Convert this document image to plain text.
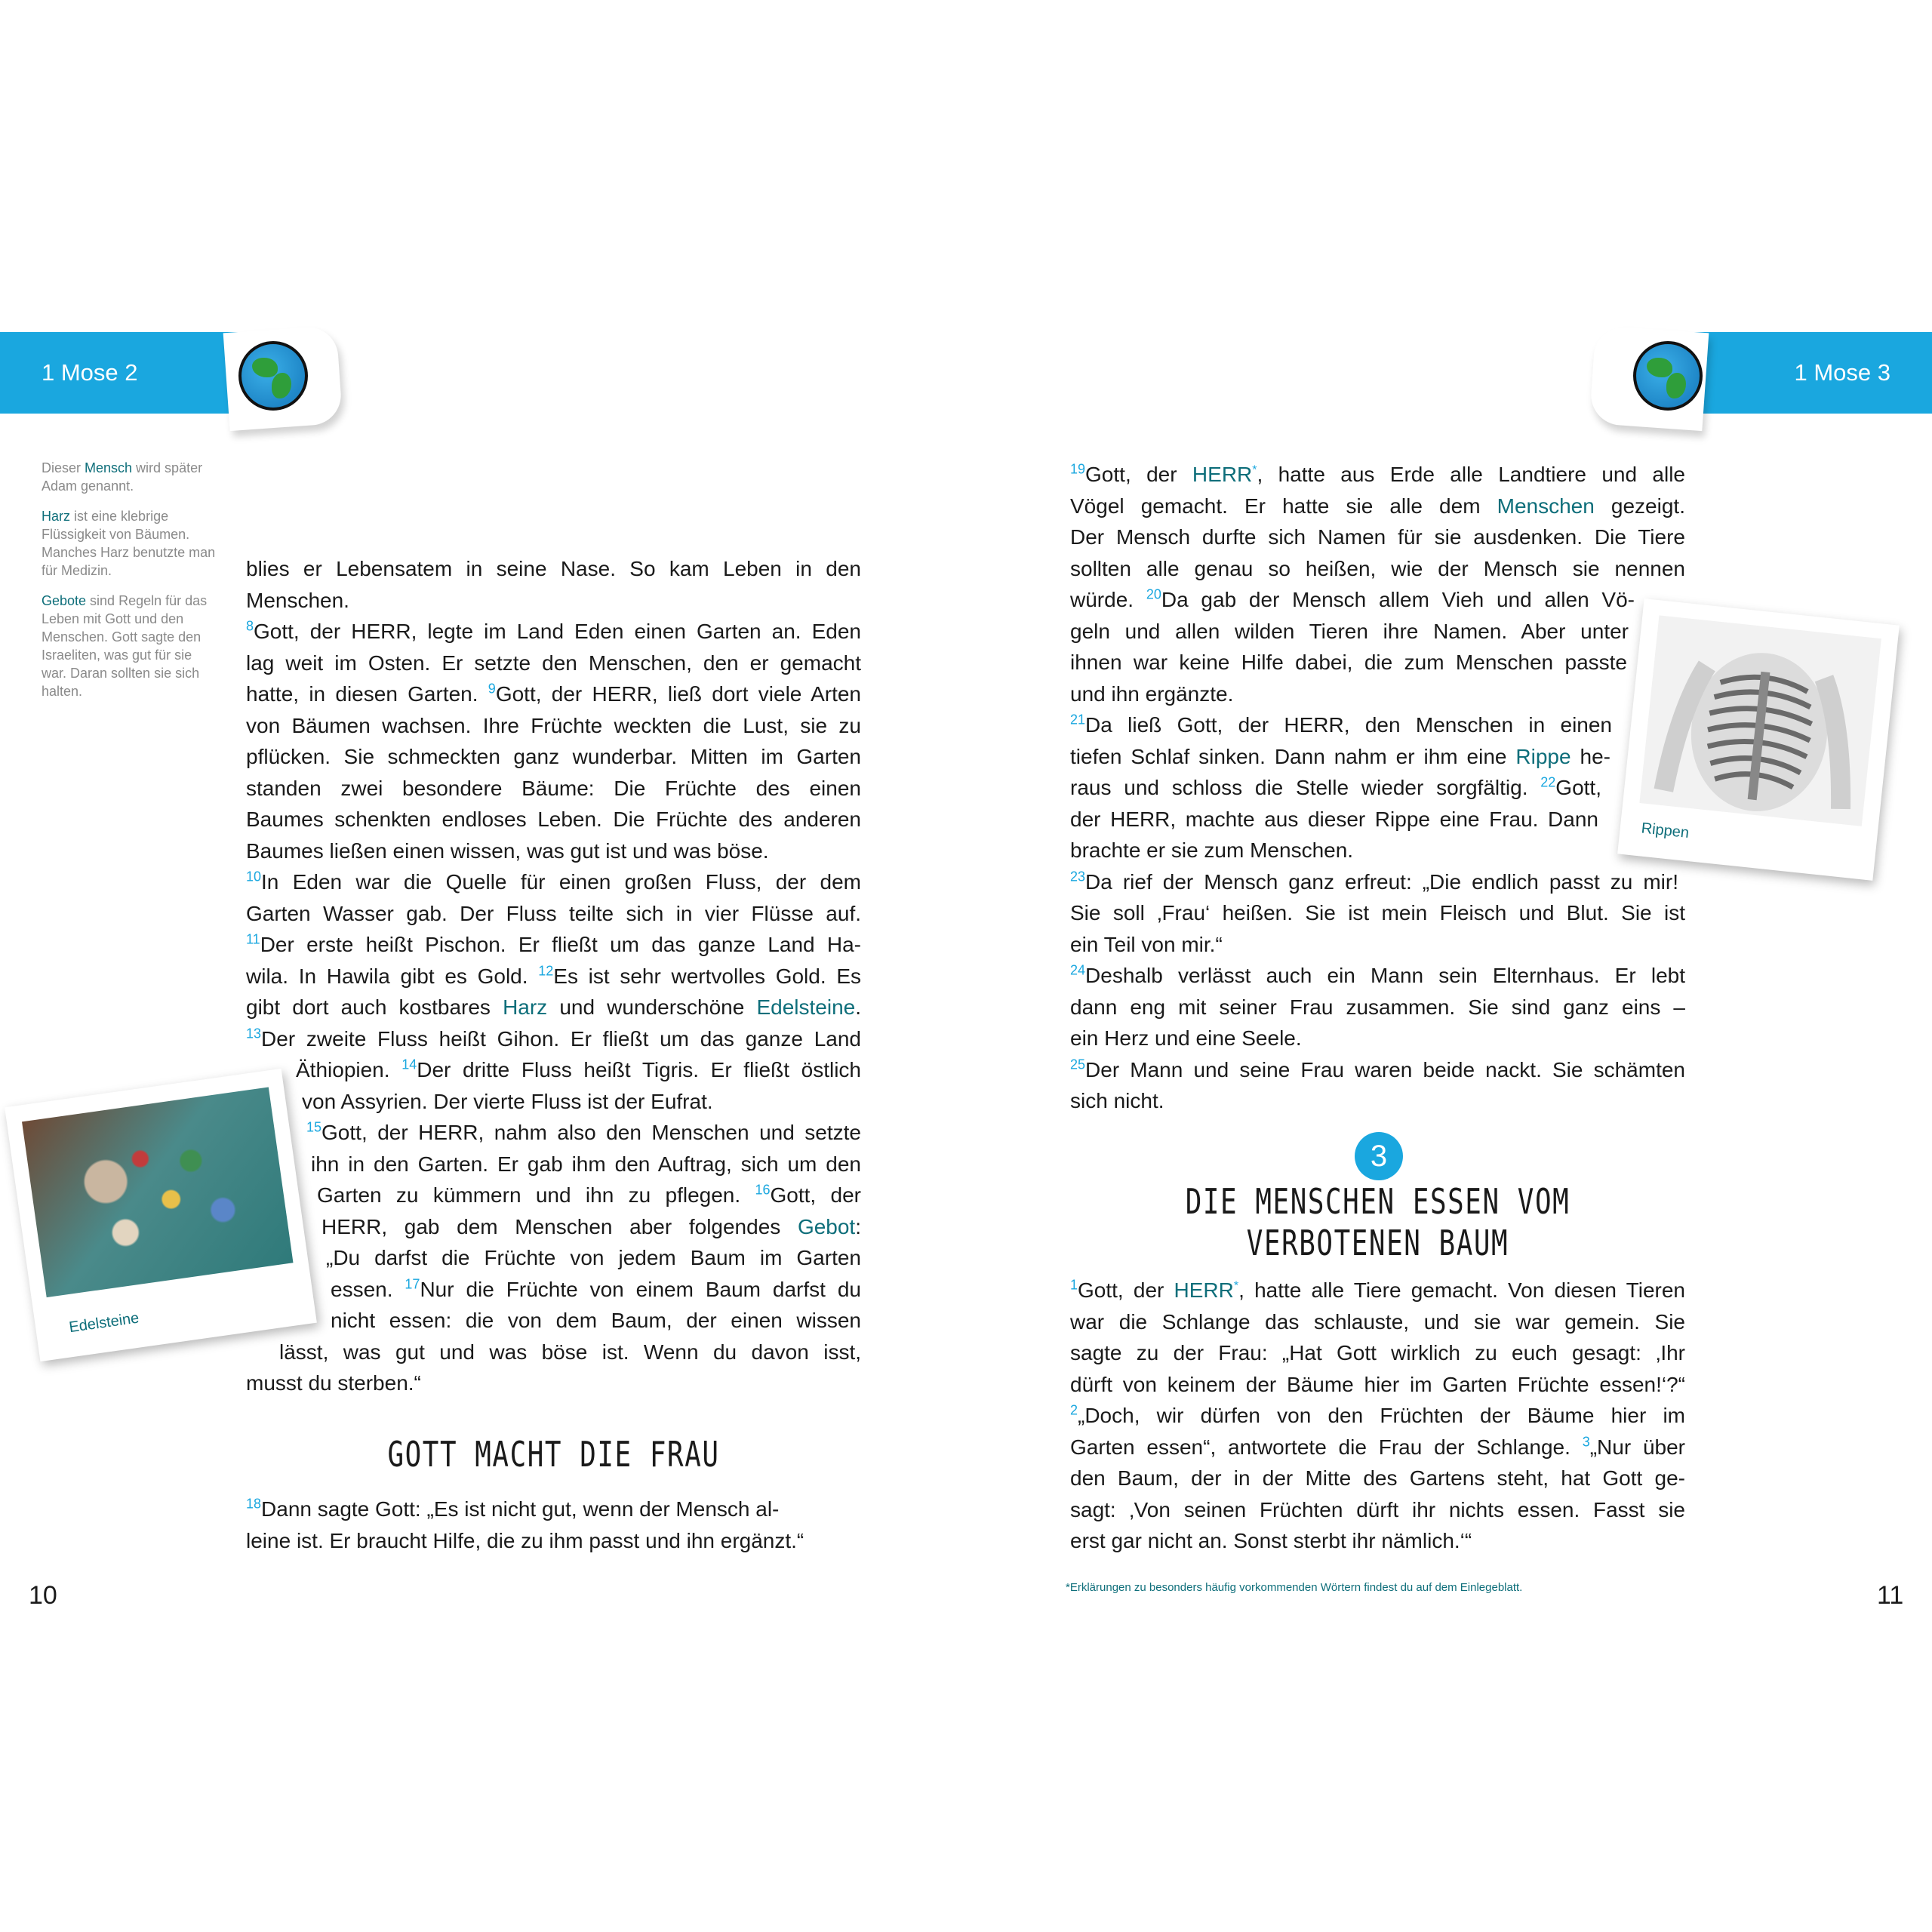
1 Mose 2	1 Mose 3
Dieser Mensch wird später Adam genannt.
Harz ist eine klebrige Flüssigkeit von Bäumen. Manches Harz benutzte man für Medizin.
Gebote sind Regeln für das Leben mit Gott und den Menschen. Gott sagte den Israeliten, was gut für sie war. Daran sollten sie sich halten.
blies er Lebensatem in seine Nase. So kam Leben in den
Menschen.
$^8$Gott, der HERR, legte im Land Eden einen Garten an. Eden
lag weit im Osten. Er setzte den Menschen, den er gemacht
hatte, in diesen Garten. $^9$Gott, der HERR, ließ dort viele Arten
von Bäumen wachsen. Ihre Früchte weckten die Lust, sie zu
pflücken. Sie schmeckten ganz wunderbar. Mitten im Garten
standen zwei besondere Bäume: Die Früchte des einen
Baumes schenkten endloses Leben. Die Früchte des anderen
Baumes ließen einen wissen, was gut ist und was böse.
$^{10}$In Eden war die Quelle für einen großen Fluss, der dem
Garten Wasser gab. Der Fluss teilte sich in vier Flüsse auf.
$^{11}$Der erste heißt Pischon. Er fließt um das ganze Land Ha-
wila. In Hawila gibt es Gold. $^{12}$Es ist sehr wertvolles Gold. Es
gibt dort auch kostbares Harz und wunderschöne Edelsteine.
$^{13}$Der zweite Fluss heißt Gihon. Er fließt um das ganze Land
Äthiopien. $^{14}$Der dritte Fluss heißt Tigris. Er fließt östlich
von Assyrien. Der vierte Fluss ist der Eufrat.
$^{15}$Gott, der HERR, nahm also den Menschen und setzte
ihn in den Garten. Er gab ihm den Auftrag, sich um den
Garten zu kümmern und ihn zu pflegen. $^{16}$Gott, der
HERR, gab dem Menschen aber folgendes Gebot:
„Du darfst die Früchte von jedem Baum im Garten
essen. $^{17}$Nur die Früchte von einem Baum darfst du
nicht essen: die von dem Baum, der einen wissen
lässt, was gut und was böse ist. Wenn du davon isst,
musst du sterben.“
GOTT MACHT DIE FRAU
$^{18}$Dann sagte Gott: „Es ist nicht gut, wenn der Mensch al-
leine ist. Er braucht Hilfe, die zu ihm passt und ihn ergänzt.“
Edelsteine
10
$^{19}$Gott, der HERR*, hatte aus Erde alle Landtiere und alle
Vögel gemacht. Er hatte sie alle dem Menschen gezeigt.
Der Mensch durfte sich Namen für sie ausdenken. Die Tiere
sollten alle genau so heißen, wie der Mensch sie nennen
würde. $^{20}$Da gab der Mensch allem Vieh und allen Vö-
geln und allen wilden Tieren ihre Namen. Aber unter
ihnen war keine Hilfe dabei, die zum Menschen passte
und ihn ergänzte.
$^{21}$Da ließ Gott, der HERR, den Menschen in einen
tiefen Schlaf sinken. Dann nahm er ihm eine Rippe he-
raus und schloss die Stelle wieder sorgfältig. $^{22}$Gott,
der HERR, machte aus dieser Rippe eine Frau. Dann
brachte er sie zum Menschen.
$^{23}$Da rief der Mensch ganz erfreut: „Die endlich passt zu mir!
Sie soll ‚Frau‘ heißen. Sie ist mein Fleisch und Blut. Sie ist
ein Teil von mir.“
$^{24}$Deshalb verlässt auch ein Mann sein Elternhaus. Er lebt
dann eng mit seiner Frau zusammen. Sie sind ganz eins –
ein Herz und eine Seele.
$^{25}$Der Mann und seine Frau waren beide nackt. Sie schämten
sich nicht.
Rippen
3
DIE MENSCHEN ESSEN VOM
VERBOTENEN BAUM
$^1$Gott, der HERR*, hatte alle Tiere gemacht. Von diesen Tieren
war die Schlange das schlauste, und sie war gemein. Sie
sagte zu der Frau: „Hat Gott wirklich zu euch gesagt: ‚Ihr
dürft von keinem der Bäume hier im Garten Früchte essen!‘?“
$^2$„Doch, wir dürfen von den Früchten der Bäume hier im
Garten essen“, antwortete die Frau der Schlange. $^3$„Nur über
den Baum, der in der Mitte des Gartens steht, hat Gott ge-
sagt: ‚Von seinen Früchten dürft ihr nichts essen. Fasst sie
erst gar nicht an. Sonst sterbt ihr nämlich.‘“
*Erklärungen zu besonders häufig vorkommenden Wörtern findest du auf dem Einlegeblatt.	11
